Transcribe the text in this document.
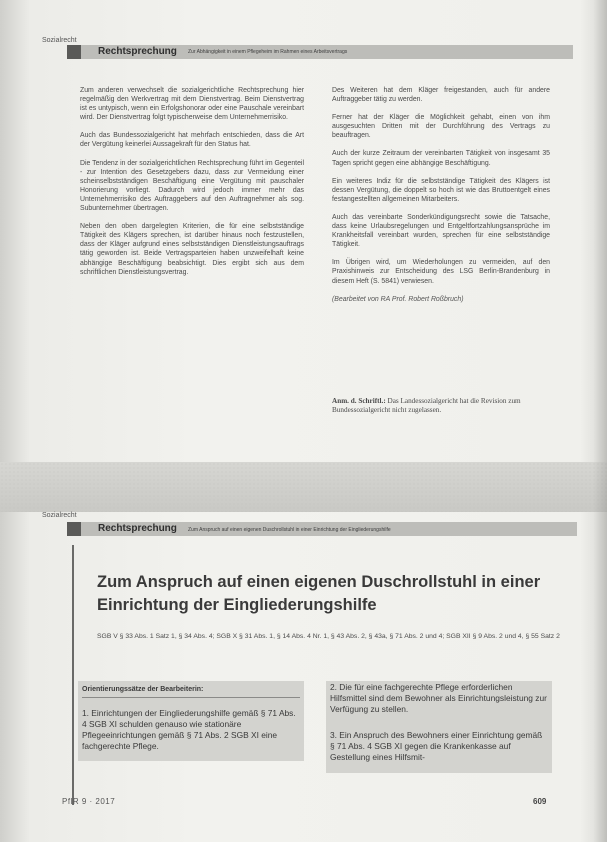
Sozialrecht
Rechtsprechung Zur Abhängigkeit in einem Pflegeheim im Rahmen eines Arbeitsvertrags

Zum anderen verwechselt die sozialgerichtliche Rechtsprechung hier regelmäßig den Werkvertrag mit dem Dienstvertrag. Beim Dienstvertrag ist es untypisch, wenn ein Erfolgshonorar oder eine Pauschale vereinbart wird. Der Dienstvertrag folgt typischerweise dem Unternehmerrisiko.

Auch das Bundessozialgericht hat mehrfach entschieden, dass die Art der Vergütung keinerlei Aussagekraft für den Status hat.

Die Tendenz in der sozialgerichtlichen Rechtsprechung führt im Gegenteil - zur Intention des Gesetzgebers dazu, dass zur Vermeidung einer scheinselbstständigen Beschäftigung eine Vergütung mit pauschaler Honorierung vorliegt. Dadurch wird jedoch immer mehr das Unternehmerrisiko des Auftraggebers auf den Auftragnehmer als sog. Subunternehmer übertragen.

Neben den oben dargelegten Kriterien, die für eine selbstständige Tätigkeit des Klägers sprechen, ist darüber hinaus noch festzustellen, dass der Kläger aufgrund eines selbstständigen Dienstleistungsauftrags tätig geworden ist. Beide Vertragsparteien haben unzweifelhaft keine abhängige Beschäftigung beabsichtigt. Dies ergibt sich aus dem schriftlichen Dienstleistungsvertrag.

Des Weiteren hat dem Kläger freigestanden, auch für andere Auftraggeber tätig zu werden.

Ferner hat der Kläger die Möglichkeit gehabt, einen von ihm ausgesuchten Dritten mit der Durchführung des Vertrags zu beauftragen.

Auch der kurze Zeitraum der vereinbarten Tätigkeit von insgesamt 35 Tagen spricht gegen eine abhängige Beschäftigung.

Ein weiteres Indiz für die selbstständige Tätigkeit des Klägers ist dessen Vergütung, die doppelt so hoch ist wie das Bruttoentgelt eines festangestellten allgemeinen Mitarbeiters.

Auch das vereinbarte Sonderkündigungsrecht sowie die Tatsache, dass keine Urlaubsregelungen und Entgeltfortzahlungsansprüche im Krankheitsfall vereinbart wurden, sprechen für eine selbstständige Tätigkeit.

Im Übrigen wird, um Wiederholungen zu vermeiden, auf den Praxishinweis zur Entscheidung des LSG Berlin-Brandenburg in diesem Heft (S. 5841) verwiesen.

(Bearbeitet von RA Prof. Robert Roßbruch)

Anm. d. Schriftl.: Das Landessozialgericht hat die Revision zum Bundessozialgericht nicht zugelassen.
Sozialrecht
Rechtsprechung Zum Anspruch auf einen eigenen Duschrollstuhl in einer Einrichtung der Eingliederungshilfe
Zum Anspruch auf einen eigenen Duschrollstuhl in einer
Einrichtung der Eingliederungshilfe
SGB V § 33 Abs. 1 Satz 1, § 34 Abs. 4; SGB X § 31 Abs. 1, § 14 Abs. 4 Nr. 1, § 43 Abs. 2, § 43a, § 71 Abs. 2 und 4; SGB XII § 9 Abs. 2 und 4, § 55 Satz 2
Orientierungssätze der Bearbeiterin:
1. Einrichtungen der Eingliederungshilfe gemäß § 71 Abs. 4 SGB XI schulden genauso wie stationäre Pflegeeinrichtungen gemäß § 71 Abs. 2 SGB XI eine fachgerechte Pflege.
2. Die für eine fachgerechte Pflege erforderlichen Hilfsmittel sind dem Bewohner als Einrichtungsleistung zur Verfügung zu stellen.
3. Ein Anspruch des Bewohners einer Einrichtung gemäß § 71 Abs. 4 SGB XI gegen die Krankenkasse auf Gestellung eines Hilfsmit-
PflR 9 · 2017	609
